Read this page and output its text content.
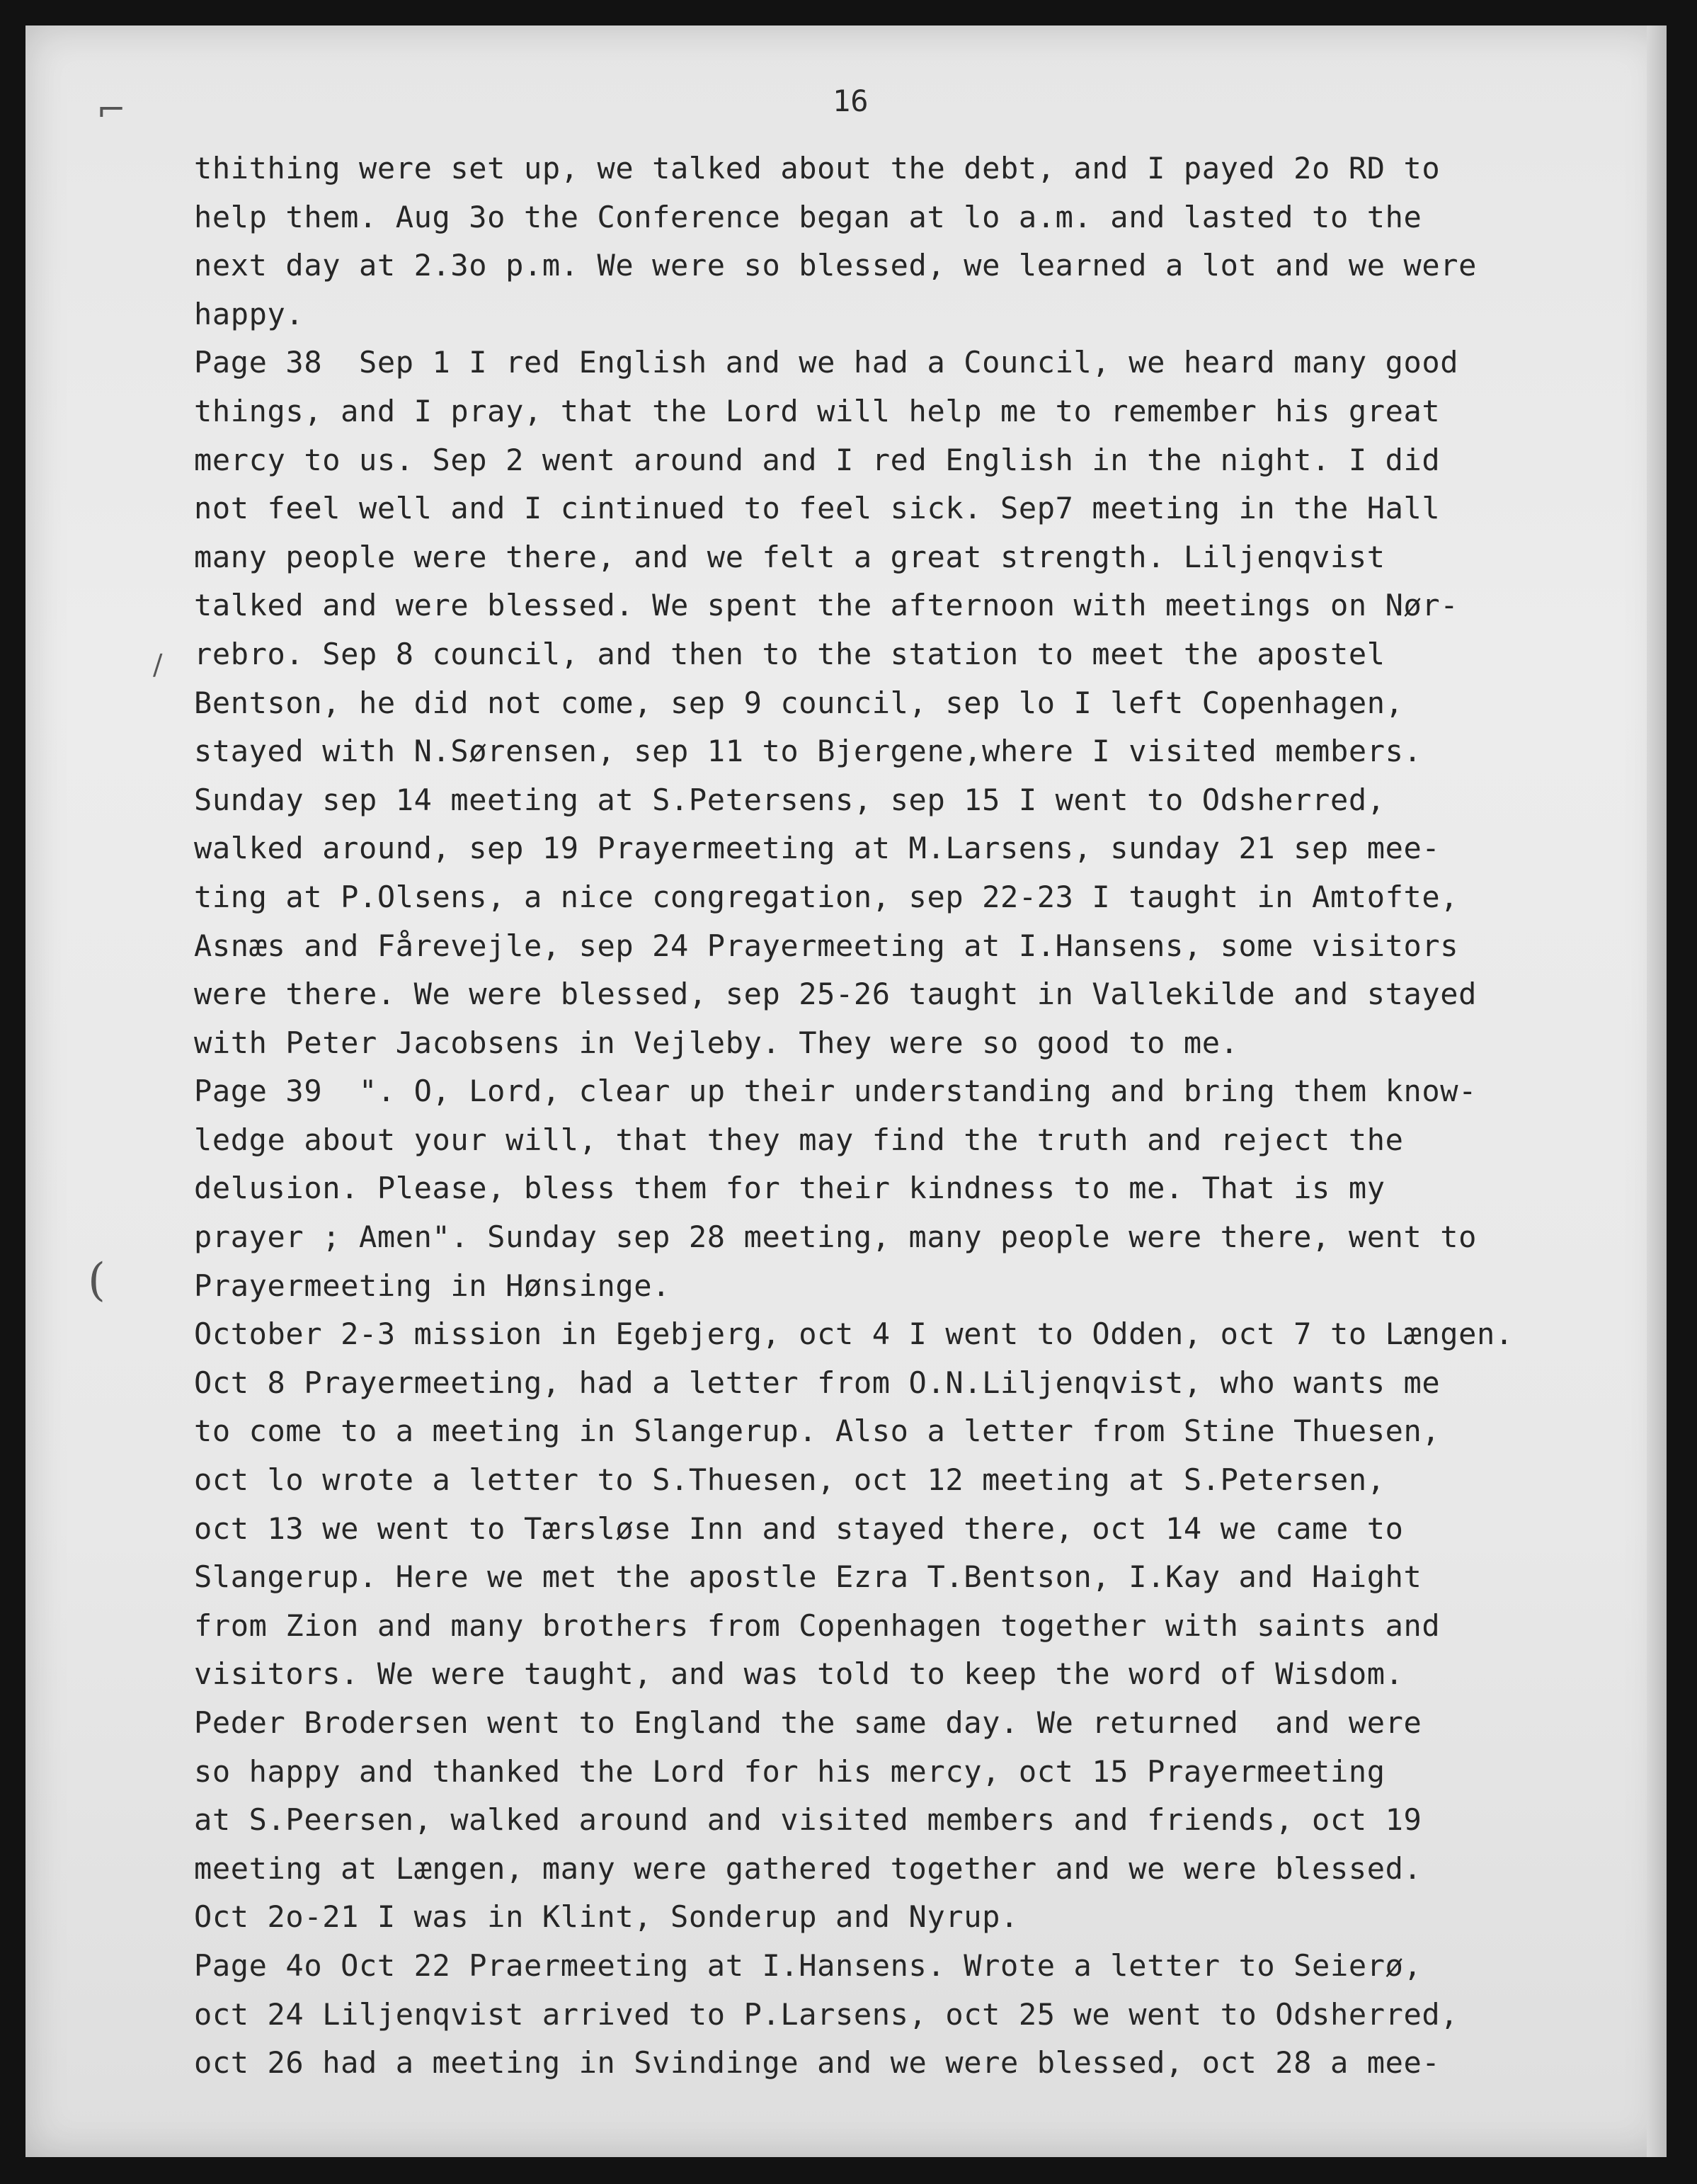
16
⌐
∕
(
thithing were set up, we talked about the debt, and I payed 2o RD to
help them. Aug 3o the Conference began at lo a.m. and lasted to the
next day at 2.3o p.m. We were so blessed, we learned a lot and we were
happy.
Page 38  Sep 1 I red English and we had a Council, we heard many good
things, and I pray, that the Lord will help me to remember his great
mercy to us. Sep 2 went around and I red English in the night. I did
not feel well and I cintinued to feel sick. Sep7 meeting in the Hall
many people were there, and we felt a great strength. Liljenqvist
talked and were blessed. We spent the afternoon with meetings on Nør-
rebro. Sep 8 council, and then to the station to meet the apostel
Bentson, he did not come, sep 9 council, sep lo I left Copenhagen,
stayed with N.Sørensen, sep 11 to Bjergene,where I visited members.
Sunday sep 14 meeting at S.Petersens, sep 15 I went to Odsherred,
walked around, sep 19 Prayermeeting at M.Larsens, sunday 21 sep mee-
ting at P.Olsens, a nice congregation, sep 22-23 I taught in Amtofte,
Asnæs and Fårevejle, sep 24 Prayermeeting at I.Hansens, some visitors
were there. We were blessed, sep 25-26 taught in Vallekilde and stayed
with Peter Jacobsens in Vejleby. They were so good to me.
Page 39  ". O, Lord, clear up their understanding and bring them know-
ledge about your will, that they may find the truth and reject the
delusion. Please, bless them for their kindness to me. That is my
prayer ; Amen". Sunday sep 28 meeting, many people were there, went to
Prayermeeting in Hønsinge.
October 2-3 mission in Egebjerg, oct 4 I went to Odden, oct 7 to Længen.
Oct 8 Prayermeeting, had a letter from O.N.Liljenqvist, who wants me
to come to a meeting in Slangerup. Also a letter from Stine Thuesen,
oct lo wrote a letter to S.Thuesen, oct 12 meeting at S.Petersen,
oct 13 we went to Tærsløse Inn and stayed there, oct 14 we came to
Slangerup. Here we met the apostle Ezra T.Bentson, I.Kay and Haight
from Zion and many brothers from Copenhagen together with saints and
visitors. We were taught, and was told to keep the word of Wisdom.
Peder Brodersen went to England the same day. We returned  and were
so happy and thanked the Lord for his mercy, oct 15 Prayermeeting
at S.Peersen, walked around and visited members and friends, oct 19
meeting at Længen, many were gathered together and we were blessed.
Oct 2o-21 I was in Klint, Sonderup and Nyrup.
Page 4o Oct 22 Praermeeting at I.Hansens. Wrote a letter to Seierø,
oct 24 Liljenqvist arrived to P.Larsens, oct 25 we went to Odsherred,
oct 26 had a meeting in Svindinge and we were blessed, oct 28 a mee-
